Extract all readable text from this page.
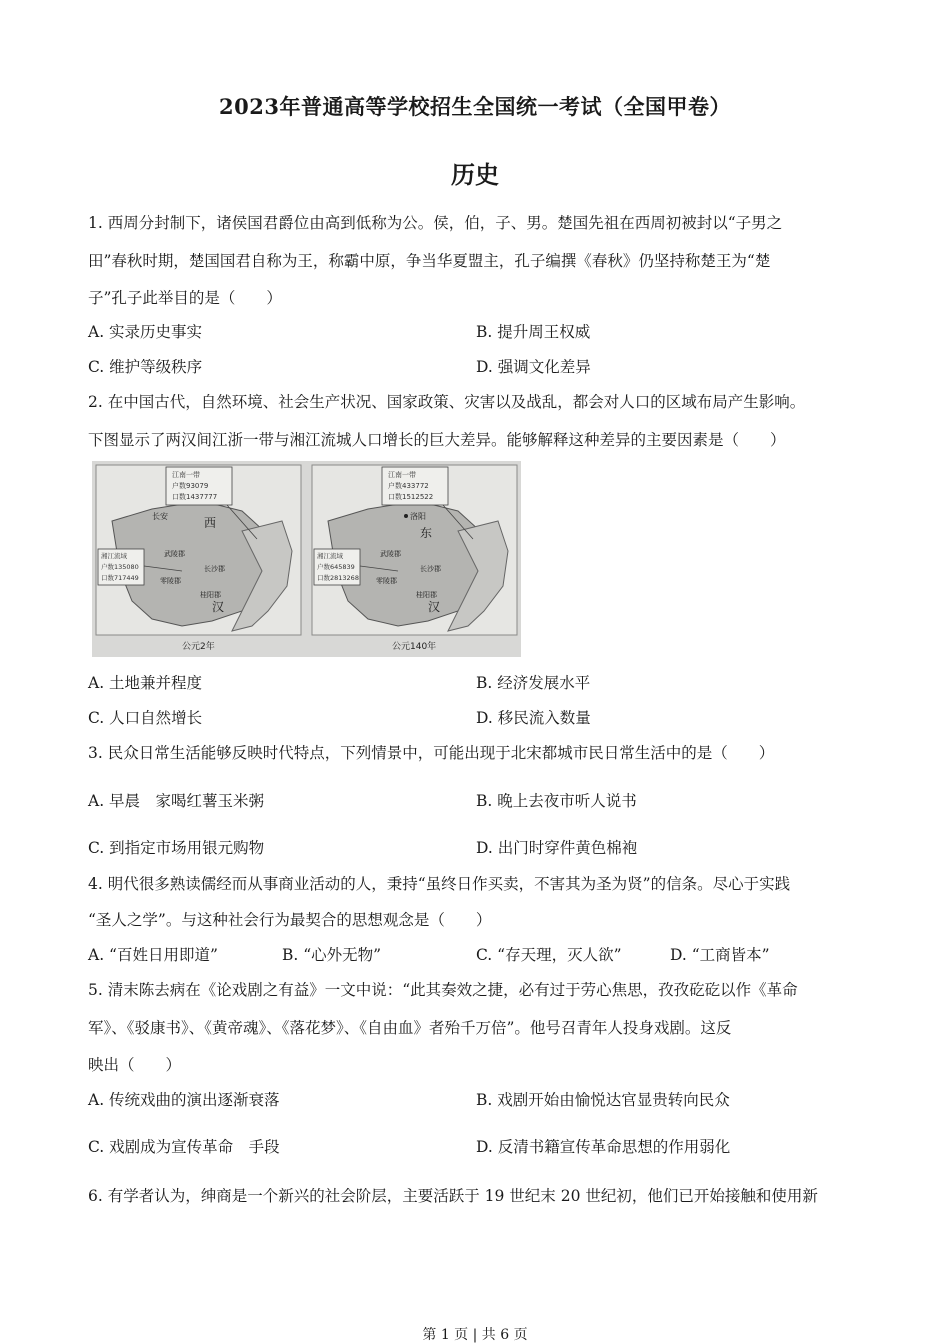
2023年普通高等学校招生全国统一考试（全国甲卷）
历史
1. 西周分封制下，诸侯国君爵位由高到低称为公。侯，伯，子、男。楚国先祖在西周初被封以“子男之
田”春秋时期，楚国国君自称为王，称霸中原，争当华夏盟主，孔子编撰《春秋》仍坚持称楚王为“楚
子”孔子此举目的是（　　）
A. 实录历史事实	B. 提升周王权威
C. 维护等级秩序	D. 强调文化差异
2. 在中国古代，自然环境、社会生产状况、国家政策、灾害以及战乱，都会对人口的区域布局产生影响。
下图显示了两汉间江浙一带与湘江流城人口增长的巨大差异。能够解释这种差异的主要因素是（　　）
江南一带
户数93079
口数1437777
湘江流域
户数135080
口数717449
长安	西
汉
武陵郡
长沙郡
零陵郡
桂阳郡
公元2年
江南一带
户数433772
口数1512522
湘江流域
户数645839
口数2813268
洛阳
东
汉
武陵郡
长沙郡
零陵郡
桂阳郡
公元140年
A. 土地兼并程度	B. 经济发展水平
C. 人口自然增长	D. 移民流入数量
3. 民众日常生活能够反映时代特点，下列情景中，可能出现于北宋都城市民日常生活中的是（　　）
A. 早晨　家喝红薯玉米粥	B. 晚上去夜市听人说书
C. 到指定市场用银元购物	D. 出门时穿件黄色棉袍
4. 明代很多熟读儒经而从事商业活动的人，秉持“虽终日作买卖，不害其为圣为贤”的信条。尽心于实践
“圣人之学”。与这种社会行为最契合的思想观念是（　　）
A. “百姓日用即道”	B. “心外无物”	C. “存天理，灭人欲”	D. “工商皆本”
5. 清末陈去病在《论戏剧之有益》一文中说：“此其奏效之捷，必有过于劳心焦思，孜孜矻矻以作《革命
军》、《驳康书》、《黄帝魂》、《落花梦》、《自由血》者殆千万倍”。他号召青年人投身戏剧。这反
映出（　　）
A. 传统戏曲的演出逐渐衰落	B. 戏剧开始由愉悦达官显贵转向民众
C. 戏剧成为宣传革命　手段	D. 反清书籍宣传革命思想的作用弱化
6. 有学者认为，绅商是一个新兴的社会阶层，主要活跃于 19 世纪末 20 世纪初，他们已开始接触和使用新
第 1 页 | 共 6 页
